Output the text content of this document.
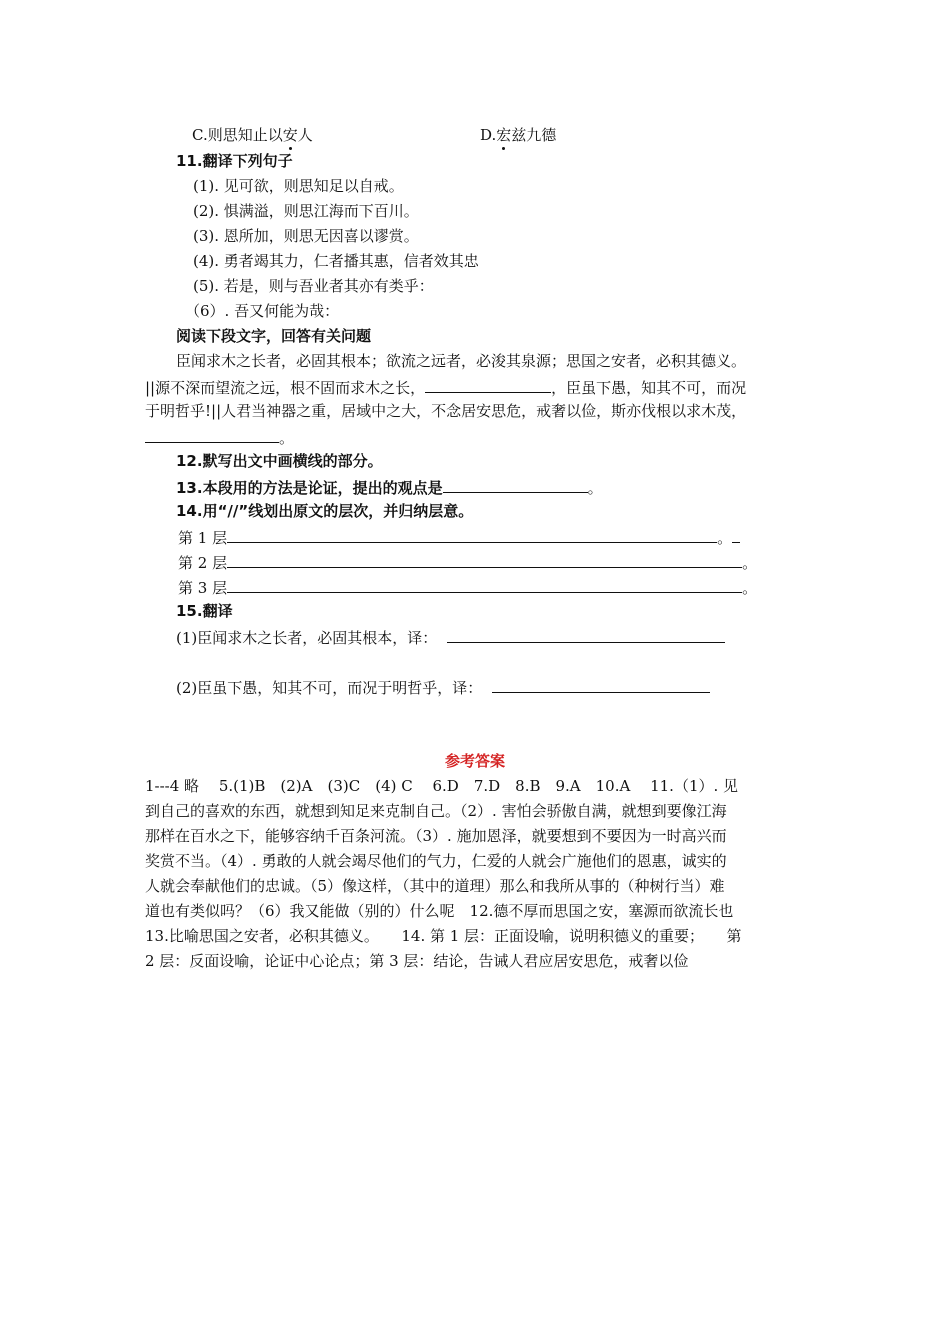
C.则思知止以安人	D.宏兹九德
11.翻译下列句子
(1). 见可欲，则思知足以自戒。
(2). 惧满溢，则思江海而下百川。
(3). 恩所加，则思无因喜以谬赏。
(4). 勇者竭其力，仁者播其惠，信者效其忠
(5). 若是，则与吾业者其亦有类乎：
（6）. 吾又何能为哉：
阅读下段文字，回答有关问题
臣闻求木之长者，必固其根本；欲流之远者，必浚其泉源；思国之安者，必积其德义。
||源不深而望流之远，根不固而求木之长，	，臣虽下愚，知其不可，而况
于明哲乎!||人君当神器之重，居域中之大，不念居安思危，戒奢以俭，斯亦伐根以求木茂，
。
12.默写出文中画横线的部分。
13.本段用的方法是论证，提出的观点是	。
14.用“//”线划出原文的层次，并归纳层意。
第 1 层	。
第 2 层	。
第 3 层	。
15.翻译
(1)臣闻求木之长者，必固其根本，译：
(2)臣虽下愚，知其不可，而况于明哲乎，译：
参考答案
1---4 略　 5.(1)B　(2)A　(3)C　(4) C　 6.D　7.D　8.B　9.A　10.A　 11.（1）. 见
到自己的喜欢的东西，就想到知足来克制自己。（2）. 害怕会骄傲自满，就想到要像江海
那样在百水之下，能够容纳千百条河流。（3）. 施加恩泽，就要想到不要因为一时高兴而
奖赏不当。（4）. 勇敢的人就会竭尽他们的气力，仁爱的人就会广施他们的恩惠，诚实的
人就会奉献他们的忠诚。（5）像这样，（其中的道理）那么和我所从事的（种树行当）难
道也有类似吗？（6）我又能做（别的）什么呢　12.德不厚而思国之安，塞源而欲流长也
13.比喻思国之安者，必积其德义。　　14. 第 1 层：正面设喻，说明积德义的重要；　　第
2 层：反面设喻，论证中心论点；第 3 层：结论，告诫人君应居安思危，戒奢以俭
